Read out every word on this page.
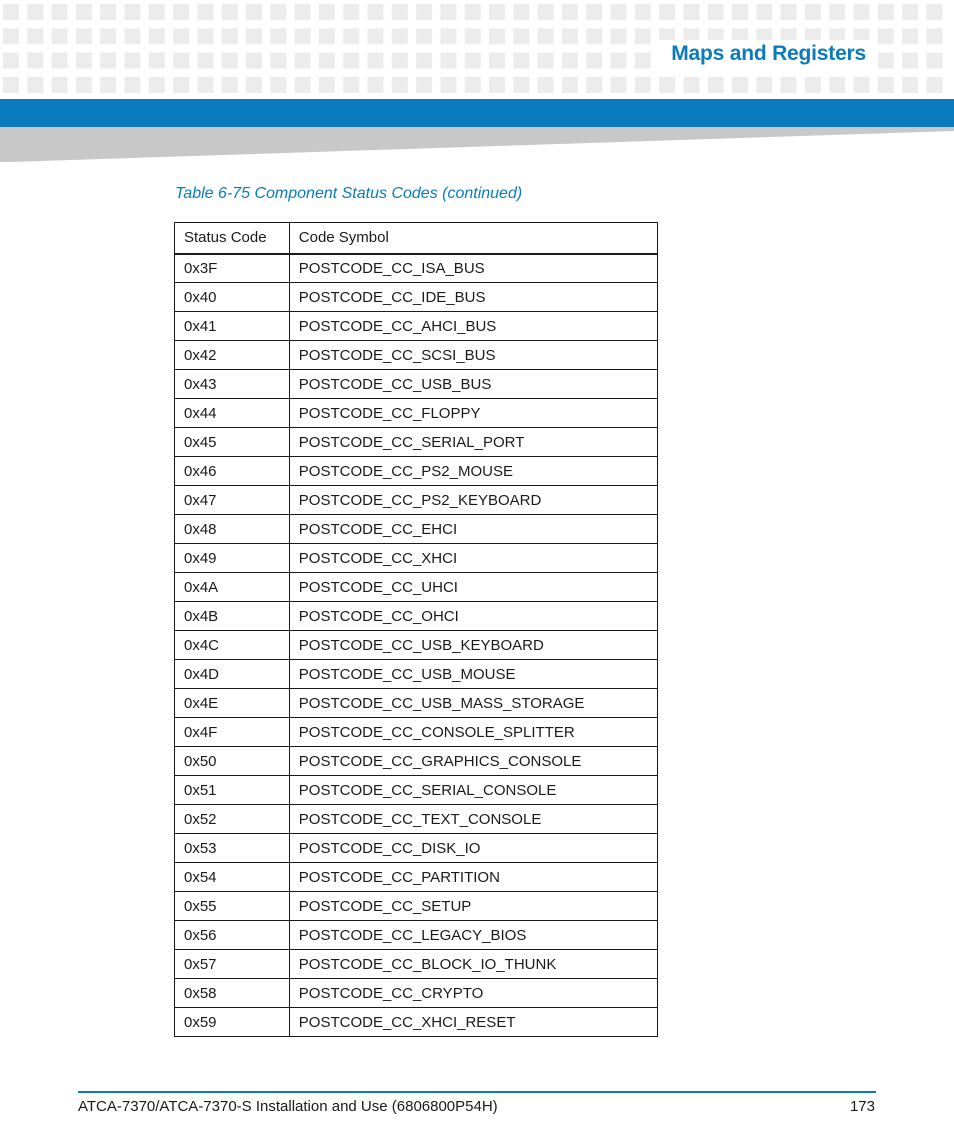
Maps and Registers
Table 6-75 Component Status Codes (continued)
Status Code	Code Symbol
0x3F	POSTCODE_CC_ISA_BUS
0x40	POSTCODE_CC_IDE_BUS
0x41	POSTCODE_CC_AHCI_BUS
0x42	POSTCODE_CC_SCSI_BUS
0x43	POSTCODE_CC_USB_BUS
0x44	POSTCODE_CC_FLOPPY
0x45	POSTCODE_CC_SERIAL_PORT
0x46	POSTCODE_CC_PS2_MOUSE
0x47	POSTCODE_CC_PS2_KEYBOARD
0x48	POSTCODE_CC_EHCI
0x49	POSTCODE_CC_XHCI
0x4A	POSTCODE_CC_UHCI
0x4B	POSTCODE_CC_OHCI
0x4C	POSTCODE_CC_USB_KEYBOARD
0x4D	POSTCODE_CC_USB_MOUSE
0x4E	POSTCODE_CC_USB_MASS_STORAGE
0x4F	POSTCODE_CC_CONSOLE_SPLITTER
0x50	POSTCODE_CC_GRAPHICS_CONSOLE
0x51	POSTCODE_CC_SERIAL_CONSOLE
0x52	POSTCODE_CC_TEXT_CONSOLE
0x53	POSTCODE_CC_DISK_IO
0x54	POSTCODE_CC_PARTITION
0x55	POSTCODE_CC_SETUP
0x56	POSTCODE_CC_LEGACY_BIOS
0x57	POSTCODE_CC_BLOCK_IO_THUNK
0x58	POSTCODE_CC_CRYPTO
0x59	POSTCODE_CC_XHCI_RESET
ATCA-7370/ATCA-7370-S Installation and Use (6806800P54H)	173
